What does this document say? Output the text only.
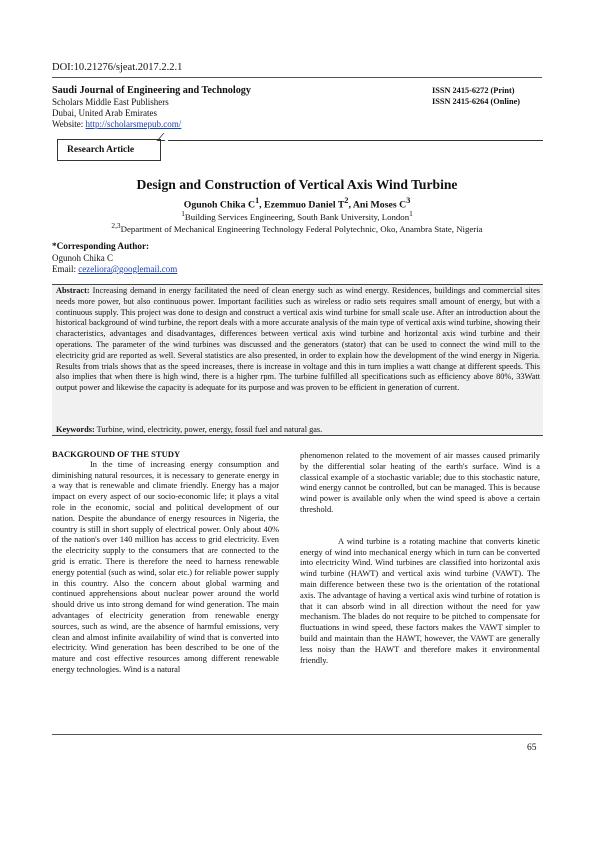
DOI:10.21276/sjeat.2017.2.2.1
Saudi Journal of Engineering and Technology
Scholars Middle East Publishers
Dubai, United Arab Emirates
Website: http://scholarsmepub.com/
ISSN 2415-6272 (Print)
ISSN 2415-6264 (Online)
Research Article
Design and Construction of Vertical Axis Wind Turbine
Ogunoh Chika $C^1$, Ezemmuo Daniel $T^2$, Ani Moses $C^3$
$^1$Building Services Engineering, South Bank University, London$^1$
$^{2,3}$Department of Mechanical Engineering Technology Federal Polytechnic, Oko, Anambra State, Nigeria
*Corresponding Author:
Ogunoh Chika C
Email: cezeliora@googlemail.com
Abstract: Increasing demand in energy facilitated the need of clean energy such as wind energy. Residences, buildings and commercial sites needs more power, but also continuous power. Important facilities such as wireless or radio sets requires small amount of energy, but with a continuous supply. This project was done to design and construct a vertical axis wind turbine for small scale use. After an introduction about the historical background of wind turbine, the report deals with a more accurate analysis of the main type of vertical axis wind turbine, showing their characteristics, advantages and disadvantages, differences between vertical axis wind turbine and horizontal axis wind turbine and their operations. The parameter of the wind turbines was discussed and the generators (stator) that can be used to connect the wind mill to the electricity grid are reported as well. Several statistics are also presented, in order to explain how the development of the wind energy in Nigeria. Results from trials shows that as the speed increases, there is increase in voltage and this in turn implies a watt change at different speeds. This also implies that when there is high wind, there is a higher rpm. The turbine fulfilled all specifications such as efficiency above 80%, 33Watt output power and likewise the capacity is adequate for its purpose and was proven to be efficient in generation of current.
Keywords: Turbine, wind, electricity, power, energy, fossil fuel and natural gas.

BACKGROUND OF THE STUDY

In the time of increasing energy consumption and diminishing natural resources, it is necessary to generate energy in a way that is renewable and climate friendly. Energy has a major impact on every aspect of our socio-economic life; it plays a vital role in the economic, social and political development of our nation. Despite the abundance of energy resources in Nigeria, the country is still in short supply of electrical power. Only about 40% of the nation's over 140 million has access to grid electricity. Even the electricity supply to the consumers that are connected to the grid is erratic. There is therefore the need to harness renewable energy potential (such as wind, solar etc.) for reliable power supply in this country. Also the concern about global warming and continued apprehensions about nuclear power around the world should drive us into strong demand for wind generation. The main advantages of electricity generation from renewable energy sources, such as wind, are the absence of harmful emissions, very clean and almost infinite availability of wind that is converted into electricity. Wind generation has been described to be one of the mature and cost effective resources among different renewable energy technologies. Wind is a natural

phenomenon related to the movement of air masses caused primarily by the differential solar heating of the earth's surface. Wind is a classical example of a stochastic variable; due to this stochastic nature, wind energy cannot be controlled, but can be managed. This is because wind power is available only when the wind speed is above a certain threshold.

A wind turbine is a rotating machine that converts kinetic energy of wind into mechanical energy which in turn can be converted into electricity Wind. Wind turbines are classified into horizontal axis wind turbine (HAWT) and vertical axis wind turbine (VAWT). The main difference between these two is the orientation of the rotational axis. The advantage of having a vertical axis wind turbine of rotation is that it can absorb wind in all direction without the need for yaw mechanism. The blades do not require to be pitched to compensate for fluctuations in wind speed, these factors makes the VAWT simpler to build and maintain than the HAWT, however, the VAWT are generally less noisy than the HAWT and therefore makes it environmental friendly.

65
